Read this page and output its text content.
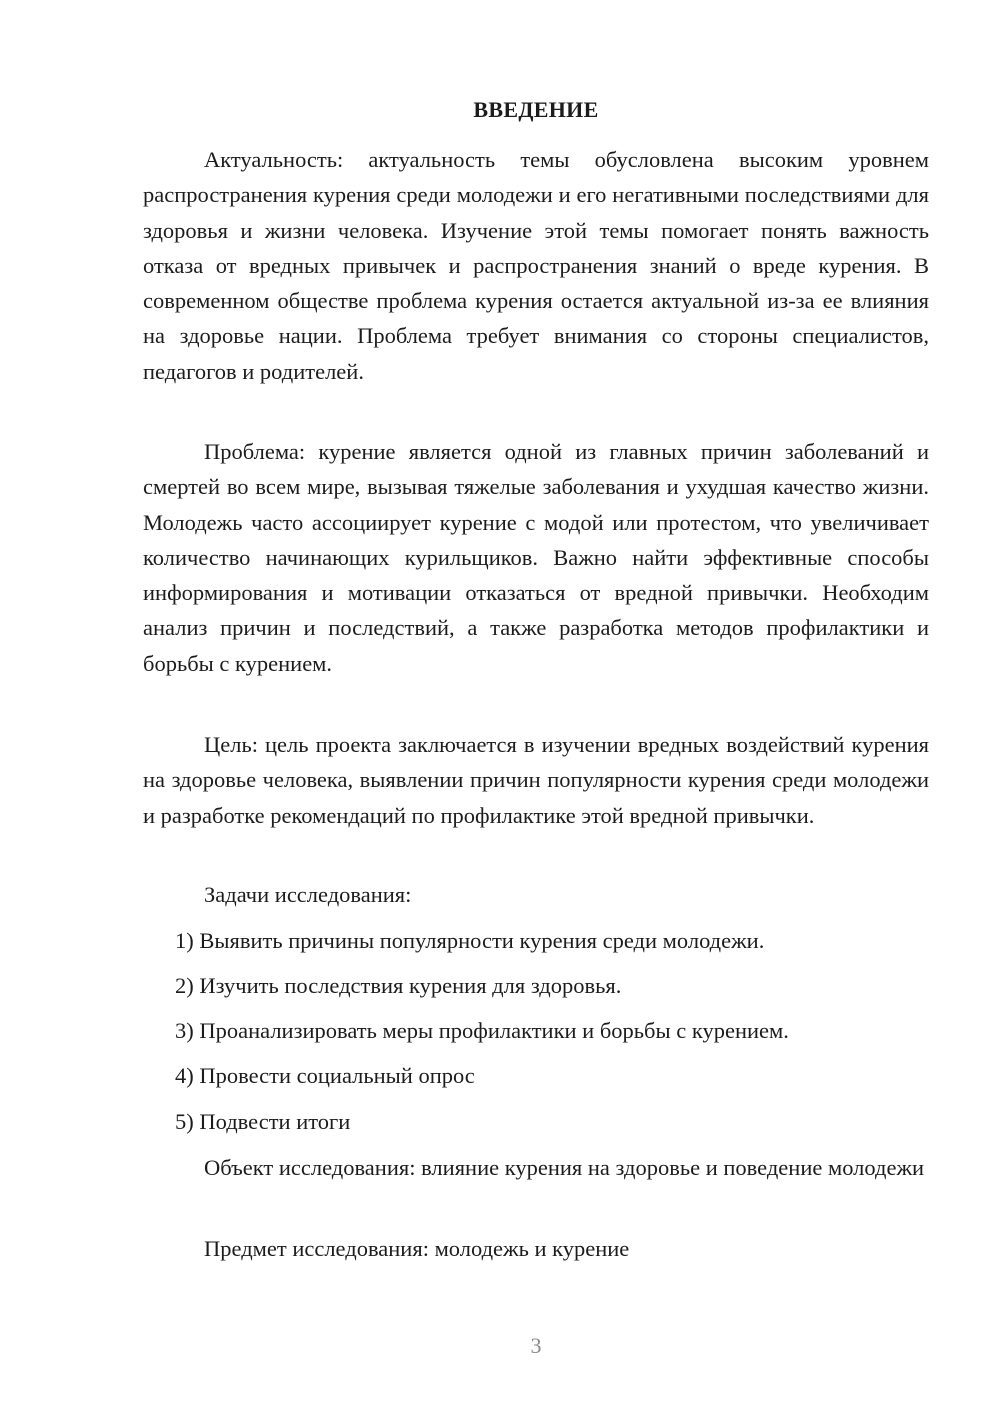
ВВЕДЕНИЕ

Актуальность: актуальность темы обусловлена высоким уровнем распространения курения среди молодежи и его негативными последствиями для здоровья и жизни человека. Изучение этой темы помогает понять важность отказа от вредных привычек и распространения знаний о вреде курения. В современном обществе проблема курения остается актуальной из-за ее влияния на здоровье нации. Проблема требует внимания со стороны специалистов, педагогов и родителей.

Проблема: курение является одной из главных причин заболеваний и смертей во всем мире, вызывая тяжелые заболевания и ухудшая качество жизни. Молодежь часто ассоциирует курение с модой или протестом, что увеличивает количество начинающих курильщиков. Важно найти эффективные способы информирования и мотивации отказаться от вредной привычки. Необходим анализ причин и последствий, а также разработка методов профилактики и борьбы с курением.

Цель: цель проекта заключается в изучении вредных воздействий курения на здоровье человека, выявлении причин популярности курения среди молодежи и разработке рекомендаций по профилактике этой вредной привычки.

Задачи исследования:

1) Выявить причины популярности курения среди молодежи.

2) Изучить последствия курения для здоровья.

3) Проанализировать меры профилактики и борьбы с курением.

4) Провести социальный опрос

5) Подвести итоги

Объект исследования: влияние курения на здоровье и поведение молодежи

Предмет исследования: молодежь и курение

3
